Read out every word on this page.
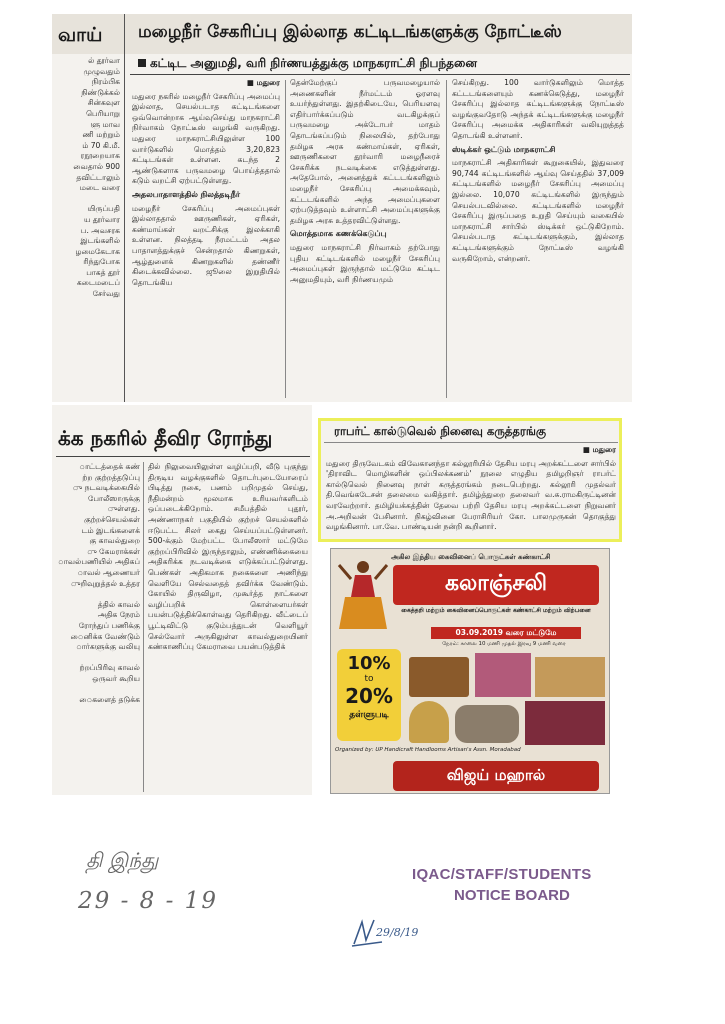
வாய் மழைநீர் சேகரிப்பு இல்லாத கட்டிடங்களுக்கு நோட்டீஸ்
கட்டிட அனுமதி, வரி நிர்ணயத்துக்கு மாநகராட்சி நிபந்தனை
ல் தூர்வா
முழுவதும்
நிரம்பிக
நிண்டுக்கல்
சின்கவுள
பெரியாறு
ளு மாவ
ணி மற்றும்
ம் 70 கி.மீ.
ரநூறையாக
வைதால் 900
தவிட்டாலும்
மடை வரை
யிருப்பதி
ய தூர்வார
ப. அவசரக
இடங்களில்
ழமைகேடாக
ரிந்துபோக
பாகத் தூர்
கடைமடைப்
சேர்வது
■ மதுரை

மதுரை நகரில் மழைநீர் சேகரிப்பு அமைப்பு இல்லாத, செயல்படாத கட்டிடங்களை ஒவ்வொன்றாக ஆய்வுசெய்து மாநகராட்சி நிர்வாகம் நோட்டீஸ் வழங்கி வருகிறது. மதுரை மாநகராட்சியிலுள்ள 100 வார்டுகளில் மொத்தம் 3,20,823 கட்டிடங்கள் உள்ளன. கடந்த 2 ஆண்டுகளாக பருவமழை பொய்த்ததால் கடும் வறட்சி ஏற்பட்டுள்ளது.

அதலபாதாளத்தில் நிலத்தடிநீர்

மழைநீர் சேகரிப்பு அமைப்புகள் இல்லாததால் ஊருணிகள், ஏரிகள், கண்மாய்கள் வறட்சிக்கு இலக்காகி உள்ளன. நிலத்தடி நீரமட்டம் அதல பாதாளத்துக்குச் சென்றதால் கிணறுகள், ஆழ்துளைக் கிணறுகளில் தண்ணீர் கிடைக்கவில்லை. ஜூலை இறுதியில் தொடங்கிய

தென்மேற்குப் பருவமழையால் அணைகளின் நீர்மட்டம் ஓரளவு உயர்ந்துள்ளது. இதற்கிடையே, பெரியளவு எதிர்பார்க்கப்படும் வடகிழக்குப் பருவமழை அக்டோபர் மாதம் தொடங்கப்படும் நிலையில், தற்போது தமிழக அரசு கண்மாய்கள், ஏரிகள், ஊருணிகளை தூர்வாரி மழைநீரைச் சேகரிக்க நடவடிக்கை எடுத்துள்ளது. அதேபோல், அனைத்துக் கட்டடங்களிலும் மழைநீர் சேகரிப்பு அமைக்கவும், கட்டடங்களில் அந்த அமைப்புகளை ஏற்படுத்தவும் உள்ளாட்சி அமைப்புகளுக்கு தமிழக அரசு உத்தரவிட்டுள்ளது.

மொத்தமாக கணக்கெடுப்பு

மதுரை மாநகராட்சி நிர்வாகம் தற்போது புதிய கட்டிடங்களில் மழைநீர் சேகரிப்பு அமைப்புகள் இருந்தால் மட்டுமே கட்டிட அனுமதியும், வரி நிர்ணயமும்

செய்கிறது. 100 வார்டுகளிலும் மொத்த கட்டடங்களையும் கணக்கெடுத்து, மழைநீர் சேகரிப்பு இல்லாத கட்டிடங்களுக்கு நோட்டீஸ் வழங்குவதோடு அந்தக் கட்டிடங்களுக்கு மழைநீர் சேகரிப்பு அமைக்க அதிகாரிகள் வலியுறுத்தத் தொடங்கி உள்ளனர்.

ஸ்டிக்கர் ஒட்டும் மாநகராட்சி

மாநகராட்சி அதிகாரிகள் கூறுகையில், இதுவரை 90,744 கட்டிடங்களில் ஆய்வு செய்ததில் 37,009 கட்டிடங்களில் மழைநீர் சேகரிப்பு அமைப்பு இல்லை. 10,070 கட்டிடங்களில் இருந்தும் செயல்படவில்லை. கட்டிடங்களில் மழைநீர் சேகரிப்பு இருப்பதை உறுதி செய்யும் வகையில் மாநகராட்சி சார்பில் ஸ்டிக்கர் ஒட்டுகிறோம். செயல்படாத கட்டிடங்களுக்கும், இல்லாத கட்டிடங்களுக்கும் நோட்டீஸ் வழங்கி வருகிறோம், என்றனர்.

க்க நகரில் தீவிர ரோந்து
ாட்டத்தைக் கண்
ற்ற குற்றத்தடுப்பு
ு நடவடிக்கையில்
போலீஸாருக்கு
ுள்ளது.
குற்றச்செயல்கள்
டம் இடங்களைக்
கு காவல்துறை
ு கேமராக்கள்
ாவல்பணியில் அதிகப்
ாவல் ஆணையர்
ுறிவுறுத்தல் உத்தர
த்தில் காவல்
அதிக நேரம்
ரோந்துப் பணிக்கு
ைனிக்க வேண்டும்
ார்களுக்கு வலியு
ற்றப்பிரிவு காவல்
ஒருவர் கூறிய
ைகளைத் தடுக்க

தில் நிலுவையிலுள்ள வழிப்பறி, வீடு புகுந்து திருடிய வழக்குகளில் தொடர்புடையோரைப் பிடித்து நகை, பணம் பறிமுதல் செய்து, நீதிமன்றம் மூலமாக உரியவர்களிடம் ஒப்படைக்கிறோம். சமீபத்தில் புதூர், அண்ணாநகர் பகுதியில் குற்றச் செயல்களில் ஈடுபட்ட சிலர் கைது செய்யப்பட்டுள்ளனர். 500-க்கும் மேற்பட்ட போலீஸார் மட்டுமே குற்றப்பிரிவில் இருந்தாலும், எண்ணிக்கையை அதிகரிக்க நடவடிக்கை எடுக்கப்பட்டுள்ளது. பெண்கள் அதிகமாக நகைகளை அணிந்து வெளியே செல்வதைத் தவிர்க்க வேண்டும். கோயில் திருவிழா, முகூர்த்த நாட்களை வழிப்பறிக் கொள்ளையர்கள் பயன்படுத்திக்கொள்வது தெரிகிறது. வீட்டைப் பூட்டிவிட்டு குடும்பத்துடன் வெளியூர் செல்வோர் அருகிலுள்ள காவல்துறையினர் கண்காணிப்பு கேமராவை பயன்படுத்திக்

ராபர்ட் கால்டுவெல் நினைவு கருத்தரங்கு
■ மதுரை

மதுரை திருவேடகம் விவேகானந்தா கல்லூரியில் தேசிய மரபு அறக்கட்டளை சார்பில் 'திராவிட மொழிகளின் ஒப்பிலக்கணம்' நூலை எழுதிய தமிழறிஞர் ராபர்ட் கால்டுவெல் நினைவு நாள் கருத்தரங்கம் நடைபெற்றது. கல்லூரி முதல்வர் தி.வெங்கடேசன் தலைமை வகித்தார். தமிழ்த்துறை தலைவர் வ.சு.ராமகிருட்டினன் வரவேற்றார். தமிழியக்கத்தின் தேவை பற்றி தேசிய மரபு அறக்கட்டளை நிறுவனர் அ.அறிவன் பேசினார். நிகழ்வினை பேராசிரியர் கோ. பாலமுருகன் தொகுத்து வழங்கினார். பா.வே. பாண்டியன் நன்றி கூறினார்.

அகில இந்திய கைவினைப் பொருட்கள் கண்காட்சி
கலாஞ்சலி
கைத்தறி மற்றும் கைவினைப்பொருட்கள் கண்காட்சி மற்றும் விற்பனை
03.09.2019 வரை மட்டுமே
நேரம்: காலை 10 மணி முதல் இரவு 9 மணி வரை
10%
to
20%
தள்ளுபடி
Organized by: UP Handicraft Handlooms Artisan's Assn. Moradabad
விஜய் மஹால்
தி இந்து
29 - 8 - 19
IQAC/STAFF/STUDENTS
NOTICE BOARD
29/8/19
